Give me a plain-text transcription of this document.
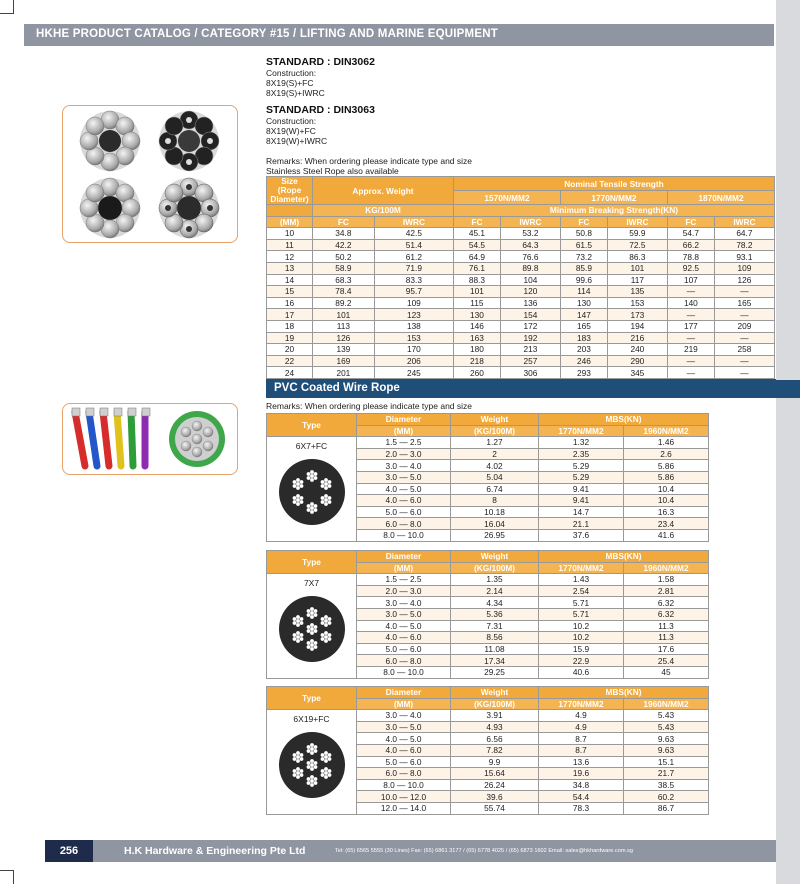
HKHE PRODUCT CATALOG / CATEGORY #15 / LIFTING AND MARINE EQUIPMENT
STANDARD : DIN3062
Construction:
8X19(S)+FC
8X19(S)+IWRC
STANDARD : DIN3063
Construction:
8X19(W)+FC
8X19(W)+IWRC
Remarks: When ordering please indicate type and size
Stainless Steel Rope also available
Size (Rope Diameter)	Approx. Weight		Nominal Tensile Strength					
			1570N/MM2		1770N/MM2		1870N/MM2	
	KG/100M		Minimum Breaking Strength(KN)					
(MM)	FC	IWRC	FC	IWRC	FC	IWRC	FC	IWRC
10	34.8	42.5	45.1	53.2	50.8	59.9	54.7	64.7
11	42.2	51.4	54.5	64.3	61.5	72.5	66.2	78.2
12	50.2	61.2	64.9	76.6	73.2	86.3	78.8	93.1
13	58.9	71.9	76.1	89.8	85.9	101	92.5	109
14	68.3	83.3	88.3	104	99.6	117	107	126
15	78.4	95.7	101	120	114	135	—	—
16	89.2	109	115	136	130	153	140	165
17	101	123	130	154	147	173	—	—
18	113	138	146	172	165	194	177	209
19	126	153	163	192	183	216	—	—
20	139	170	180	213	203	240	219	258
22	169	206	218	257	246	290	—	—
24	201	245	260	306	293	345	—	—
PVC Coated Wire Rope
Remarks: When ordering please indicate type and size
Type	Diameter	Weight	MBS(KN)	
	(MM)	(KG/100M)	1770N/MM2	1960N/MM2

6X7+FC	1.5 — 2.5	1.27	1.32	1.46
	2.0 — 3.0	2	2.35	2.6
	3.0 — 4.0	4.02	5.29	5.86
	3.0 — 5.0	5.04	5.29	5.86
	4.0 — 5.0	6.74	9.41	10.4
	4.0 — 6.0	8	9.41	10.4
	5.0 — 6.0	10.18	14.7	16.3
	6.0 — 8.0	16.04	21.1	23.4
	8.0 — 10.0	26.95	37.6	41.6
Type	Diameter	Weight	MBS(KN)	
	(MM)	(KG/100M)	1770N/MM2	1960N/MM2

7X7	1.5 — 2.5	1.35	1.43	1.58
	2.0 — 3.0	2.14	2.54	2.81
	3.0 — 4.0	4.34	5.71	6.32
	3.0 — 5.0	5.36	5.71	6.32
	4.0 — 5.0	7.31	10.2	11.3
	4.0 — 6.0	8.56	10.2	11.3
	5.0 — 6.0	11.08	15.9	17.6
	6.0 — 8.0	17.34	22.9	25.4
	8.0 — 10.0	29.25	40.6	45
Type	Diameter	Weight	MBS(KN)	
	(MM)	(KG/100M)	1770N/MM2	1960N/MM2

6X19+FC	3.0 — 4.0	3.91	4.9	5.43
	3.0 — 5.0	4.93	4.9	5.43
	4.0 — 5.0	6.56	8.7	9.63
	4.0 — 6.0	7.82	8.7	9.63
	5.0 — 6.0	9.9	13.6	15.1
	6.0 — 8.0	15.64	19.6	21.7
	8.0 — 10.0	26.24	34.8	38.5
	10.0 — 12.0	39.6	54.4	60.2
	12.0 — 14.0	55.74	78.3	86.7
256	H.K Hardware & Engineering Pte Ltd	Tel: (65) 6565 5555 (30 Lines) Fax: (65) 6861 3177 / (65) 6778 4025 / (65) 6873 1602 Email: sales@hkhardware.com.sg
